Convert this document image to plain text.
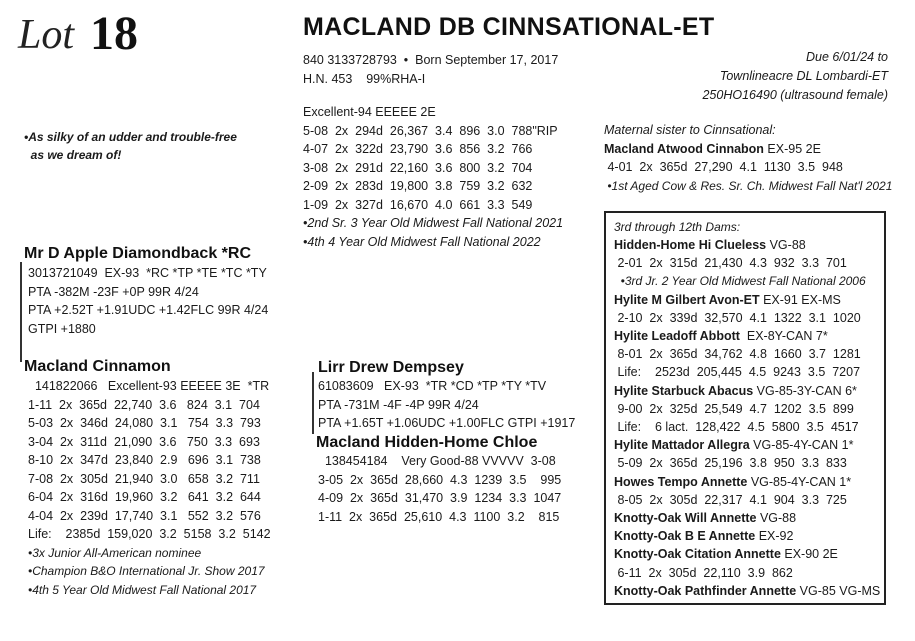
Lot 18	MACLAND DB CINNSATIONAL-ET
840 3133728793  •  Born September 17, 2017
H.N. 453    99%RHA-I
Due 6/01/24 to
Townlineacre DL Lombardi-ET
250HO16490 (ultrasound female)
Excellent-94 EEEEE 2E
5-08  2x  294d  26,367  3.4  896  3.0  788"RIP
4-07  2x  322d  23,790  3.6  856  3.2  766
3-08  2x  291d  22,160  3.6  800  3.2  704
2-09  2x  283d  19,800  3.8  759  3.2  632
1-09  2x  327d  16,670  4.0  661  3.3  549
•2nd Sr. 3 Year Old Midwest Fall National 2021
•4th 4 Year Old Midwest Fall National 2022
•As silky of an udder and trouble-free
as we dream of!
Maternal sister to Cinnsational:
Macland Atwood Cinnabon EX-95 2E
4-01  2x  365d  27,290  4.1  1130  3.5  948
•1st Aged Cow & Res. Sr. Ch. Midwest Fall Nat'l 2021
Mr D Apple Diamondback *RC
3013721049  EX-93  *RC *TP *TE *TC *TY
PTA -382M -23F +0P 99R 4/24
PTA +2.52T +1.91UDC +1.42FLC 99R 4/24
GTPI +1880
Macland Cinnamon
141822066   Excellent-93 EEEEE 3E  *TR
1-11  2x  365d  22,740  3.6   824  3.1  704
5-03  2x  346d  24,080  3.1   754  3.3  793
3-04  2x  311d  21,090  3.6   750  3.3  693
8-10  2x  347d  23,840  2.9   696  3.1  738
7-08  2x  305d  21,940  3.0   658  3.2  711
6-04  2x  316d  19,960  3.2   641  3.2  644
4-04  2x  239d  17,740  3.1   552  3.2  576
Life:    2385d  159,020  3.2  5158  3.2  5142
•3x Junior All-American nominee
•Champion B&O International Jr. Show 2017
•4th 5 Year Old Midwest Fall National 2017
Lirr Drew Dempsey
61083609   EX-93  *TR *CD *TP *TY *TV
PTA -731M -4F -4P 99R 4/24
PTA +1.65T +1.06UDC +1.00FLC GTPI +1917
Macland Hidden-Home Chloe
138454184    Very Good-88 VVVVV  3-08
3-05  2x  365d  28,660  4.3  1239  3.5    995
4-09  2x  365d  31,470  3.9  1234  3.3  1047
1-11  2x  365d  25,610  4.3  1100  3.2    815
3rd through 12th Dams:
Hidden-Home Hi Clueless VG-88
2-01  2x  315d  21,430  4.3  932  3.3  701
•3rd Jr. 2 Year Old Midwest Fall National 2006
Hylite M Gilbert Avon-ET EX-91 EX-MS
2-10  2x  339d  32,570  4.1  1322  3.1  1020
Hylite Leadoff Abbott  EX-8Y-CAN 7*
8-01  2x  365d  34,762  4.8  1660  3.7  1281
Life:    2523d  205,445  4.5  9243  3.5  7207
Hylite Starbuck Abacus VG-85-3Y-CAN 6*
9-00  2x  325d  25,549  4.7  1202  3.5  899
Life:    6 lact.  128,422  4.5  5800  3.5  4517
Hylite Mattador Allegra VG-85-4Y-CAN 1*
5-09  2x  365d  25,196  3.8  950  3.3  833
Howes Tempo Annette VG-85-4Y-CAN 1*
8-05  2x  305d  22,317  4.1  904  3.3  725
Knotty-Oak Will Annette VG-88
Knotty-Oak B E Annette EX-92
Knotty-Oak Citation Annette EX-90 2E
6-11  2x  305d  22,110  3.9  862
Knotty-Oak Pathfinder Annette VG-85 VG-MS
